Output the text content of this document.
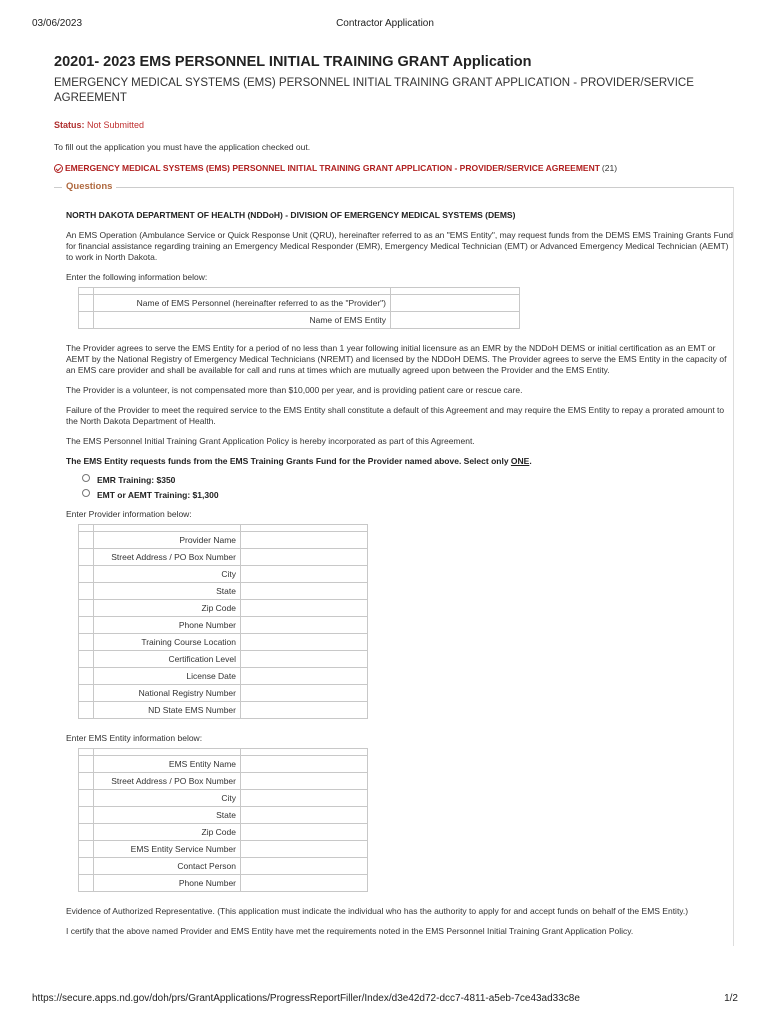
03/06/2023	Contractor Application
20201- 2023 EMS PERSONNEL INITIAL TRAINING GRANT Application
EMERGENCY MEDICAL SYSTEMS (EMS) PERSONNEL INITIAL TRAINING GRANT APPLICATION - PROVIDER/SERVICE AGREEMENT
Status: Not Submitted
To fill out the application you must have the application checked out.
EMERGENCY MEDICAL SYSTEMS (EMS) PERSONNEL INITIAL TRAINING GRANT APPLICATION - PROVIDER/SERVICE AGREEMENT (21)
Questions

NORTH DAKOTA DEPARTMENT OF HEALTH (NDDoH) - DIVISION OF EMERGENCY MEDICAL SYSTEMS (DEMS)

An EMS Operation (Ambulance Service or Quick Response Unit (QRU), hereinafter referred to as an "EMS Entity", may request funds from the DEMS EMS Training Grants Fund for financial assistance regarding training an Emergency Medical Responder (EMR), Emergency Medical Technician (EMT) or Advanced Emergency Medical Technician (AEMT) to work in North Dakota.

Enter the following information below:

	Name of EMS Personnel (hereinafter referred to as the "Provider")	
	Name of EMS Entity	

The Provider agrees to serve the EMS Entity for a period of no less than 1 year following initial licensure as an EMR by the NDDoH DEMS or initial certification as an EMT or AEMT by the National Registry of Emergency Medical Technicians (NREMT) and licensed by the NDDoH DEMS. The Provider agrees to serve the EMS Entity in the capacity of an EMS care provider and shall be available for call and runs at times which are mutually agreed upon between the Provider and the EMS Entity.

The Provider is a volunteer, is not compensated more than $10,000 per year, and is providing patient care or rescue care.

Failure of the Provider to meet the required service to the EMS Entity shall constitute a default of this Agreement and may require the EMS Entity to repay a prorated amount to the North Dakota Department of Health.

The EMS Personnel Initial Training Grant Application Policy is hereby incorporated as part of this Agreement.

The EMS Entity requests funds from the EMS Training Grants Fund for the Provider named above. Select only ONE.

EMR Training: $350
EMT or AEMT Training: $1,300

Enter Provider information below:

	Provider Name	
	Street Address / PO Box Number	
	City	
	State	
	Zip Code	
	Phone Number	
	Training Course Location	
	Certification Level	
	License Date	
	National Registry Number	
	ND State EMS Number	

Enter EMS Entity information below:

	EMS Entity Name	
	Street Address / PO Box Number	
	City	
	State	
	Zip Code	
	EMS Entity Service Number	
	Contact Person	
	Phone Number	

Evidence of Authorized Representative. (This application must indicate the individual who has the authority to apply for and accept funds on behalf of the EMS Entity.)

I certify that the above named Provider and EMS Entity have met the requirements noted in the EMS Personnel Initial Training Grant Application Policy.

https://secure.apps.nd.gov/doh/prs/GrantApplications/ProgressReportFiller/Index/d3e42d72-dcc7-4811-a5eb-7ce43ad33c8e	1/2
